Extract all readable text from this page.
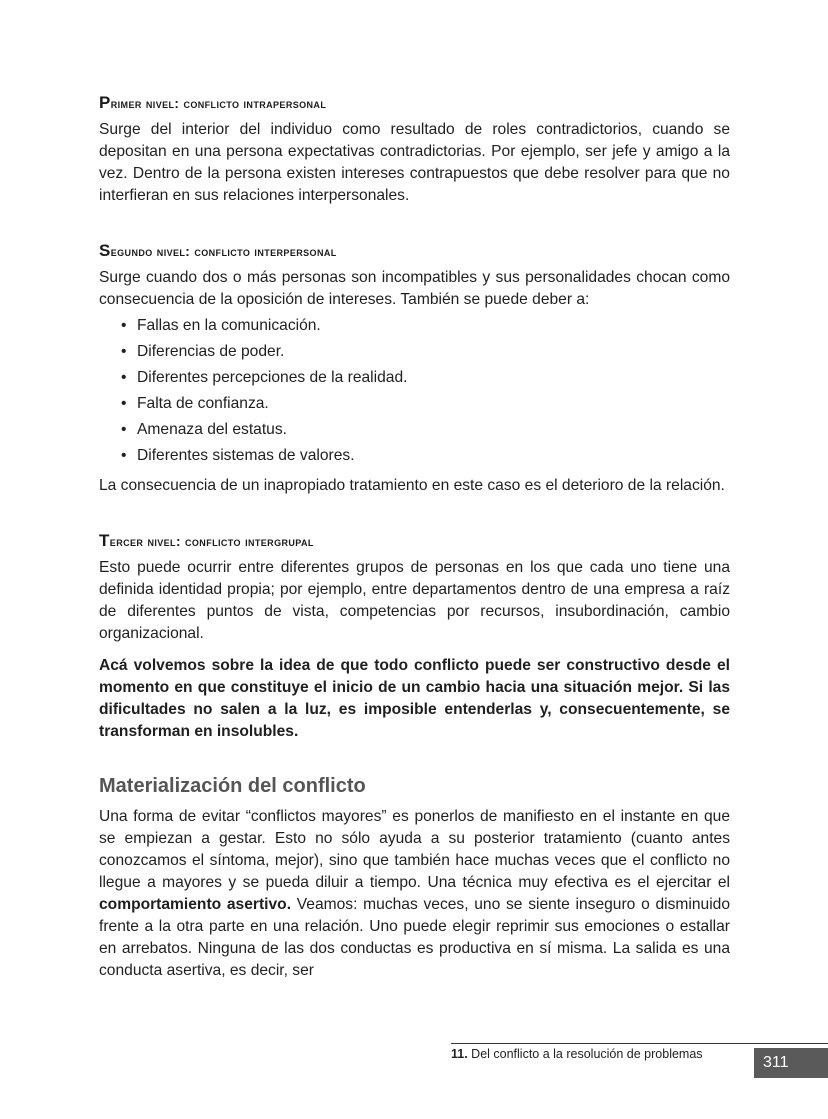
Primer nivel: conflicto intrapersonal

Surge del interior del individuo como resultado de roles contradictorios, cuando se depositan en una persona expectativas contradictorias. Por ejemplo, ser jefe y amigo a la vez. Dentro de la persona existen intereses contrapuestos que debe resolver para que no interfieran en sus relaciones interpersonales.

Segundo nivel: conflicto interpersonal

Surge cuando dos o más personas son incompatibles y sus personalidades chocan como consecuencia de la oposición de intereses. También se puede deber a:

• Fallas en la comunicación.
• Diferencias de poder.
• Diferentes percepciones de la realidad.
• Falta de confianza.
• Amenaza del estatus.
• Diferentes sistemas de valores.

La consecuencia de un inapropiado tratamiento en este caso es el deterioro de la relación.

Tercer nivel: conflicto intergrupal

Esto puede ocurrir entre diferentes grupos de personas en los que cada uno tiene una definida identidad propia; por ejemplo, entre departamentos dentro de una empresa a raíz de diferentes puntos de vista, competencias por recursos, insubordinación, cambio organizacional.

Acá volvemos sobre la idea de que todo conflicto puede ser constructivo desde el momento en que constituye el inicio de un cambio hacia una situación mejor. Si las dificultades no salen a la luz, es imposible entenderlas y, consecuentemente, se transforman en insolubles.

Materialización del conflicto

Una forma de evitar “conflictos mayores” es ponerlos de manifiesto en el instante en que se empiezan a gestar. Esto no sólo ayuda a su posterior tratamiento (cuanto antes conozcamos el síntoma, mejor), sino que también hace muchas veces que el conflicto no llegue a mayores y se pueda diluir a tiempo. Una técnica muy efectiva es el ejercitar el comportamiento asertivo. Veamos: muchas veces, uno se siente inseguro o disminuido frente a la otra parte en una relación. Uno puede elegir reprimir sus emociones o estallar en arrebatos. Ninguna de las dos conductas es productiva en sí misma. La salida es una conducta asertiva, es decir, ser

11. Del conflicto a la resolución de problemas	311
